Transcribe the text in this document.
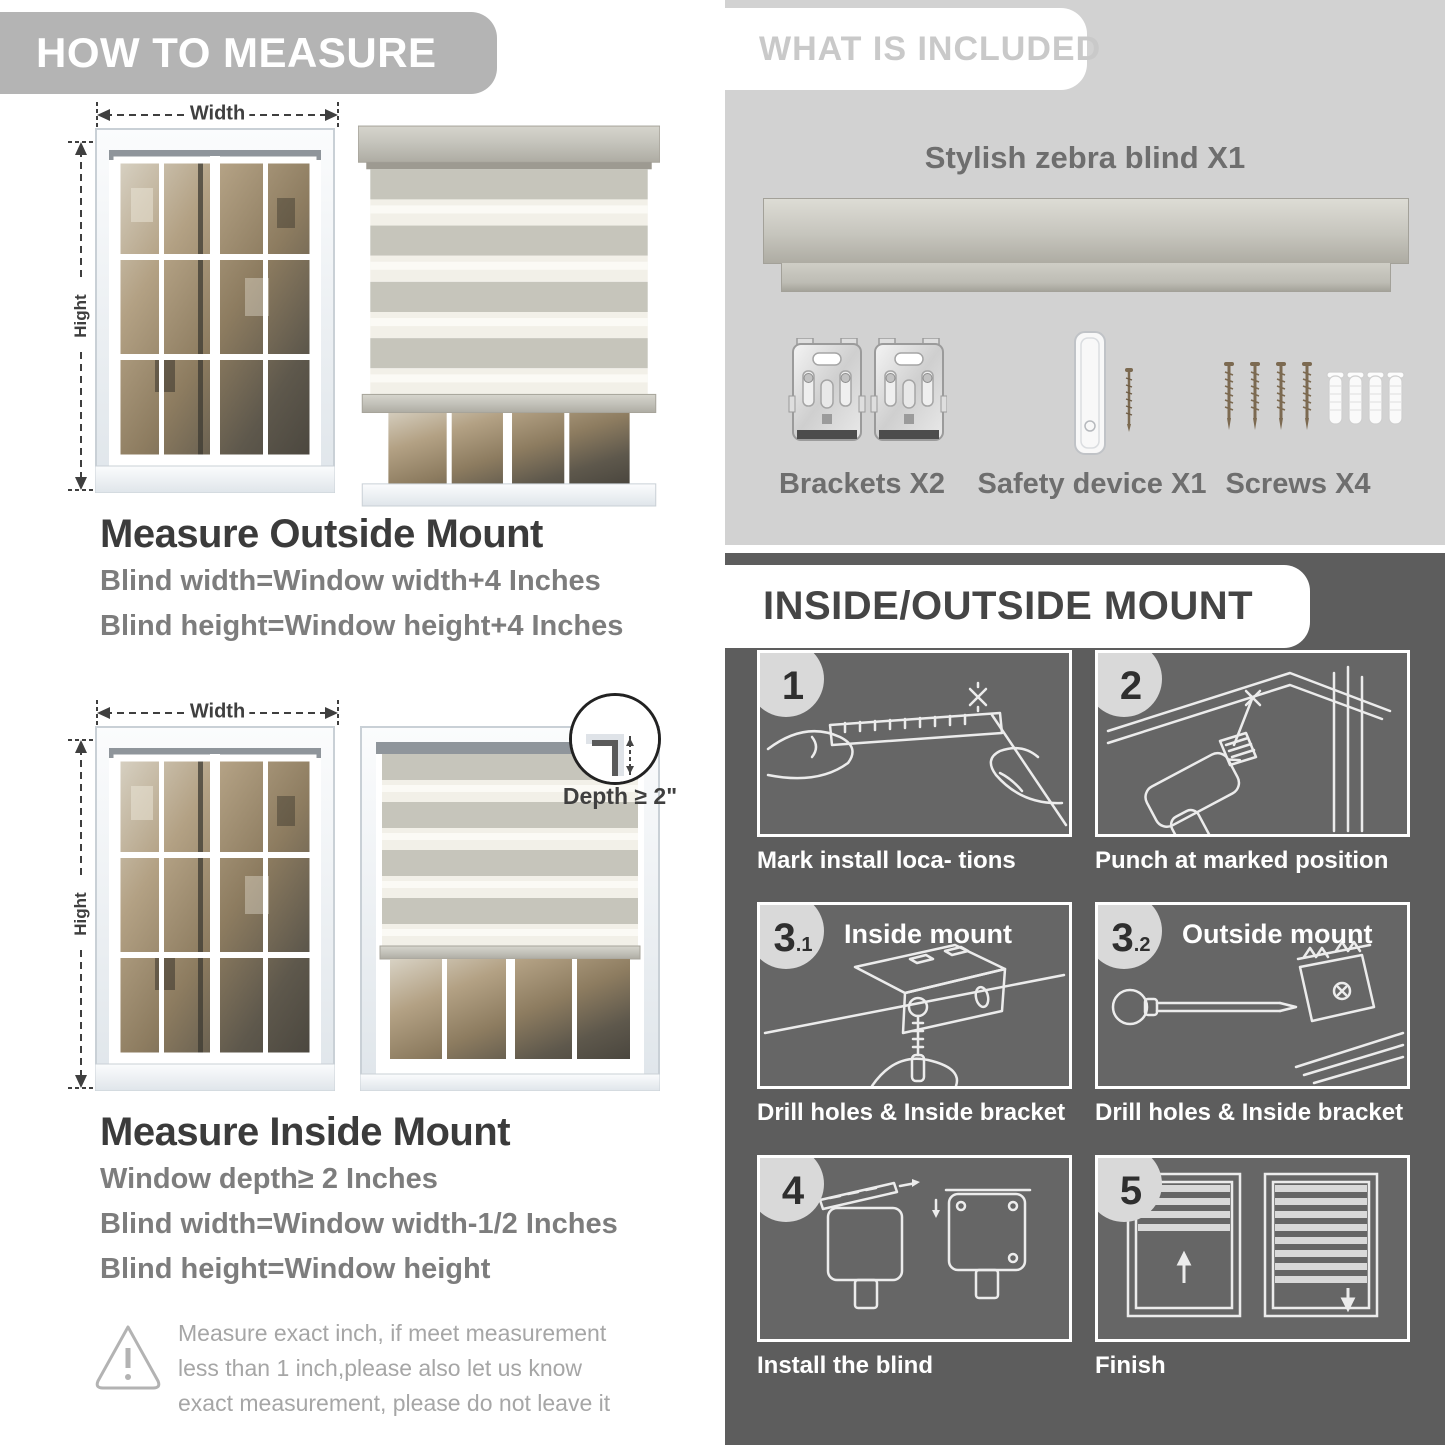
HOW TO MEASURE
Width
Hight
Measure Outside Mount
Blind width=Window width+4 Inches
Blind height=Window height+4 Inches
Width
Hight
Depth ≥ 2"
Measure Inside Mount
Window depth≥ 2 Inches
Blind width=Window width-1/2 Inches
Blind height=Window height
Measure exact inch, if meet measurement less than 1 inch,please also let us know exact measurement, please do not leave it
WHAT IS INCLUDED
Stylish zebra blind X1
Brackets X2 Safety device X1 Screws X4
INSIDE/OUTSIDE MOUNT
1
Mark install loca- tions
2
Punch at marked position
3 .1 Inside mount
Drill holes & Inside bracket
3 .2 Outside mount
Drill holes & Inside bracket
4
Install the blind
5
Finish
